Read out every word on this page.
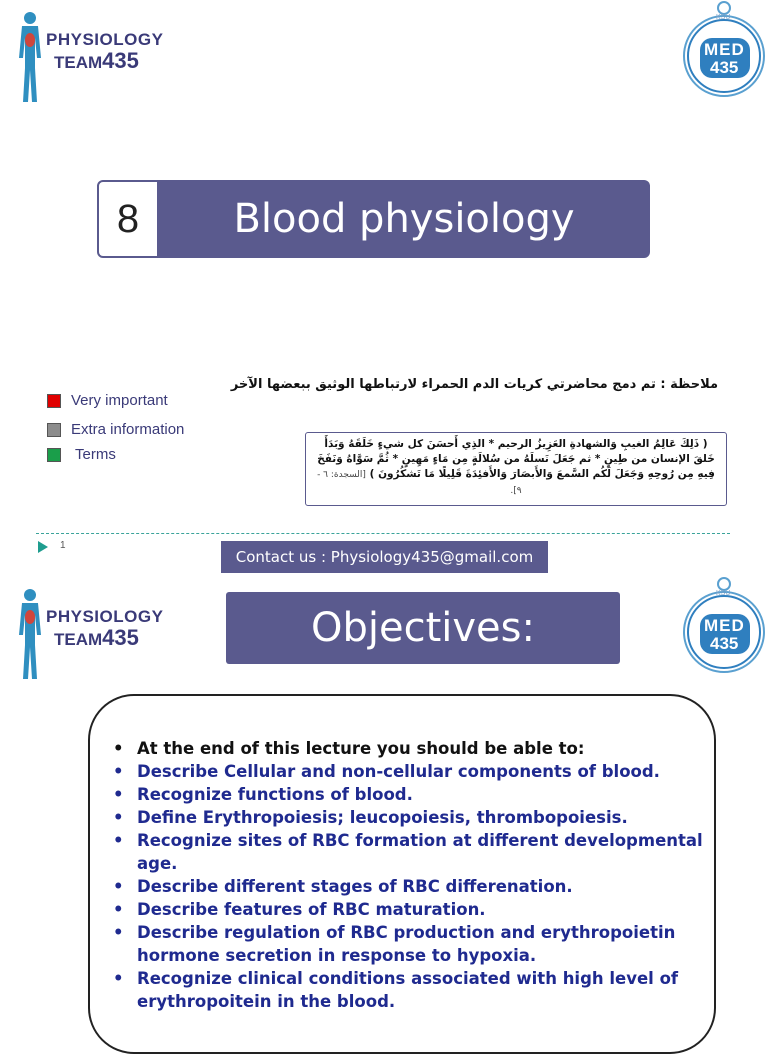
PHYSIOLOGY
TEAM435
KSU
MED
435
8	Blood physiology
Very important
Extra information
Terms
ملاحظة : تم دمج محاضرتي كريات الدم الحمراء لارتباطها الوثيق ببعضها الآخر
( ذَلِكَ عَالِمُ الغيبِ وَالشهادةِ العَزِيزُ الرحيم * الذِي أَحسَنَ كل شيءٍ خَلَقَهُ وَبَدَأَ خَلقَ الإنسان من طِينٍ * ثم جَعَلَ نَسلَهُ من سُلالَةٍ مِن مَاءٍ مَهِينٍ * ثُمَّ سَوَّاهُ وَنَفَخَ فِيهِ مِن رُوحِهِ وَجَعَلَ لَكُم السَّمعَ وَالأَبصَارَ وَالأَفئِدَةَ قَلِيلًا مَا تَشكُرُونَ ) [السجدة: ٦ - ٩].
1
Contact us : Physiology435@gmail.com
PHYSIOLOGY
TEAM435
KSU
MED
435
Objectives:
• At the end of this lecture you should be able to:
• Describe Cellular and non-cellular components of blood.
• Recognize functions of blood.
• Define Erythropoiesis; leucopoiesis, thrombopoiesis.
• Recognize sites of RBC formation at different developmental age.
• Describe different stages of RBC differenation.
• Describe features of RBC maturation.
• Describe regulation of RBC production and erythropoietin hormone secretion in response to hypoxia.
• Recognize clinical conditions associated with high level of erythropoitein in the blood.
